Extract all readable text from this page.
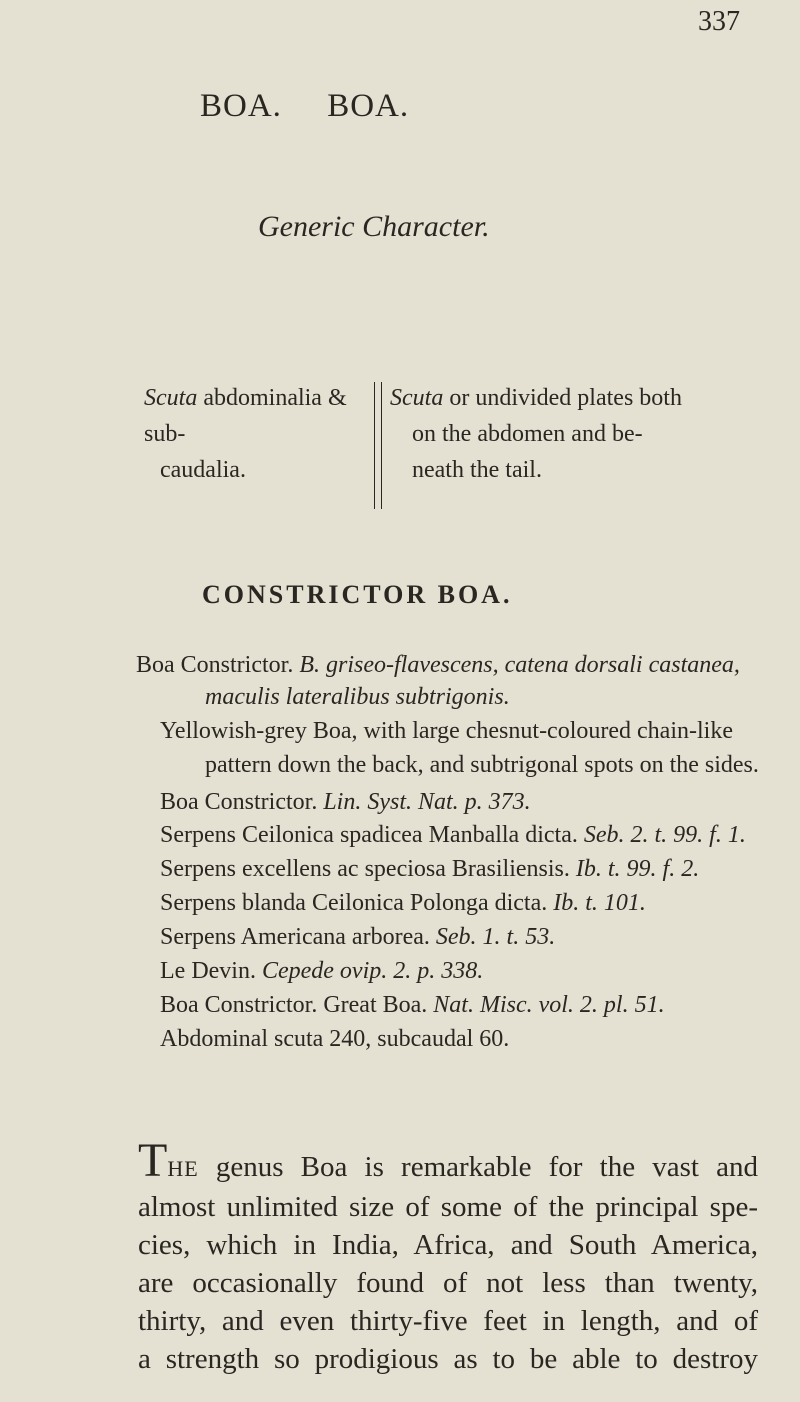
337
BOA. BOA.
Generic Character.
Scuta abdominalia & sub-
caudalia.
Scuta or undivided plates both
on the abdomen and be-
neath the tail.
CONSTRICTOR BOA.
Boa Constrictor. B. griseo-flavescens, catena dorsali castanea,
maculis lateralibus subtrigonis.
Yellowish-grey Boa, with large chesnut-coloured chain-like
pattern down the back, and subtrigonal spots on the sides.
Boa Constrictor. Lin. Syst. Nat. p. 373.
Serpens Ceilonica spadicea Manballa dicta. Seb. 2. t. 99. f. 1.
Serpens excellens ac speciosa Brasiliensis. Ib. t. 99. f. 2.
Serpens blanda Ceilonica Polonga dicta. Ib. t. 101.
Serpens Americana arborea. Seb. 1. t. 53.
Le Devin. Cepede ovip. 2. p. 338.
Boa Constrictor. Great Boa. Nat. Misc. vol. 2. pl. 51.
Abdominal scuta 240, subcaudal 60.
THE genus Boa is remarkable for the vast and
almost unlimited size of some of the principal spe-
cies, which in India, Africa, and South America,
are occasionally found of not less than twenty,
thirty, and even thirty-five feet in length, and of
a strength so prodigious as to be able to destroy
